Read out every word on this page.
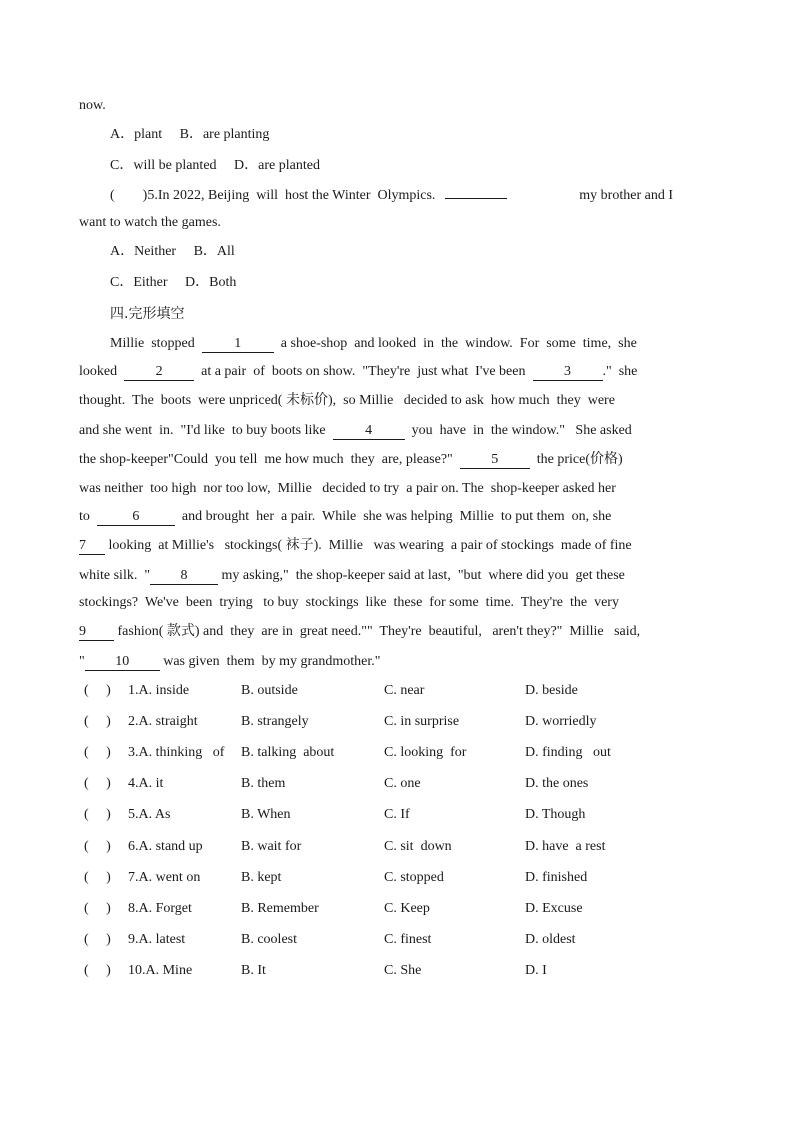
now.
A．plant B．are planting
C．will be planted D．are planted
(        )5.In 2022, Beijing  will  host the Winter  Olympics.	my brother and I
want to watch the games.
A．Neither B．All
C．Either D．Both
四.完形填空
Millie  stopped  1  a shoe-shop  and looked  in  the  window.  For  some  time,  she
looked  2  at a pair  of  boots on show.  "They're  just what  I've been  3 ."  she
thought.  The  boots  were unpriced( 未标价),  so Millie   decided to ask  how much  they  were
and she went  in.  "I'd like  to buy boots like  4  you  have  in  the window."   She asked
the shop-keeper"Could  you tell  me how much  they  are, please?"  5  the price(价格)
was neither  too high  nor too low,  Millie   decided to try  a pair on. The  shop-keeper asked her
to	6	and brought  her  a pair.  While  she was helping  Millie  to put them  on, she
7 looking  at Millie's   stockings( 袜子).  Millie   was wearing  a pair of stockings  made of fine
white silk.  " 8 my asking,"  the shop-keeper said at last,  "but  where did you  get these
stockings?  We've  been  trying   to buy  stockings  like  these  for some  time.  They're  the  very
9 fashion( 款式) and  they  are in  great need.""  They're  beautiful,   aren't they?"  Millie   said,
" 10 was given  them  by my grandmother."
(     ) 1.A. inside	B. outside	C. near	D. beside
(     ) 2.A. straight	B. strangely	C. in surprise	D. worriedly
(     ) 3.A. thinking   of B. talking  about	C. looking  for	D. finding   out
(     ) 4.A. it	B. them	C. one	D. the ones
(     ) 5.A. As	B. When	C. If	D. Though
(     ) 6.A. stand up	B. wait for	C. sit  down	D. have  a rest
(     ) 7.A. went on	B. kept	C. stopped	D. finished
(     ) 8.A. Forget	B. Remember	C. Keep	D. Excuse
(     ) 9.A. latest	B. coolest	C. finest	D. oldest
(     ) 10.A. Mine	B. It	C. She	D. I
